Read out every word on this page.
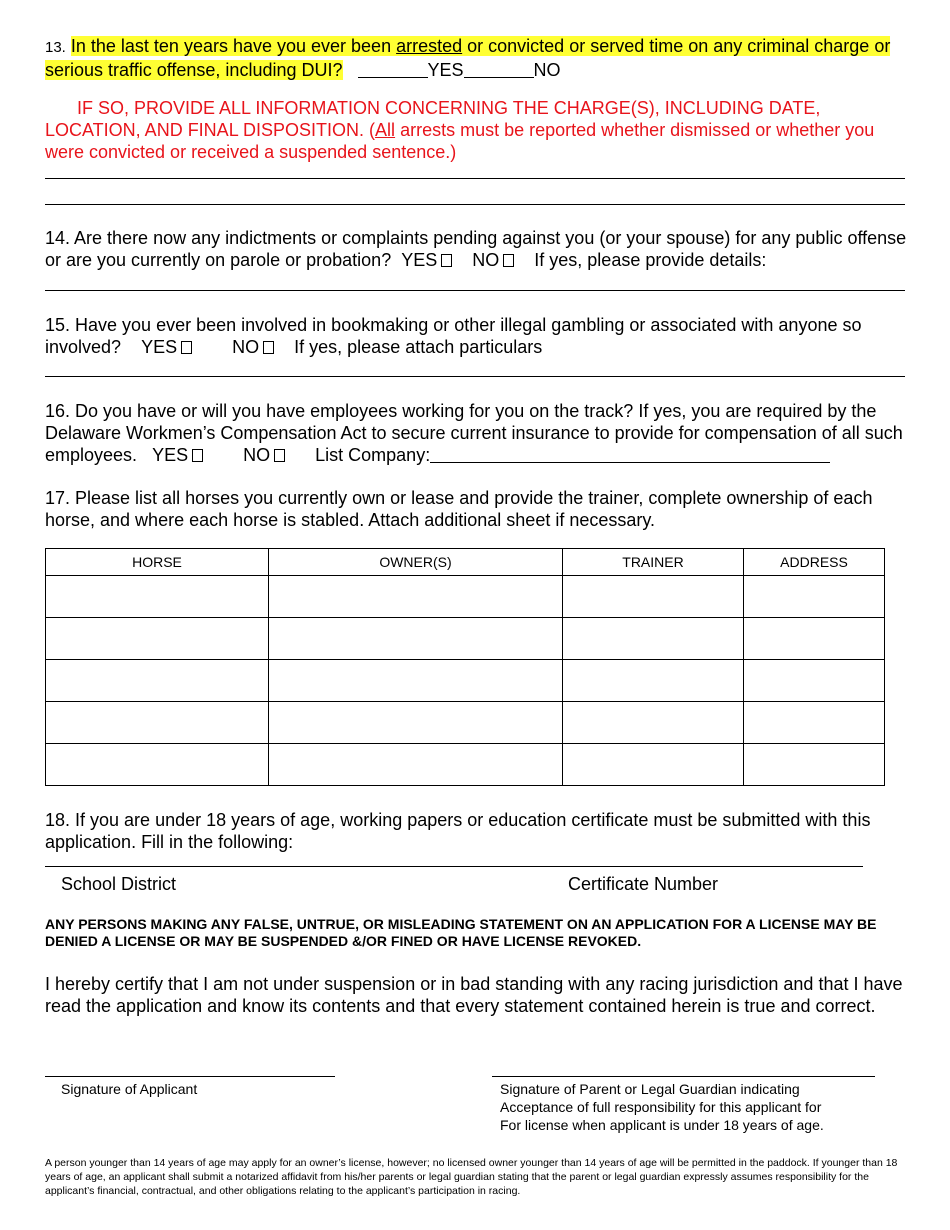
13. In the last ten years have you ever been arrested or convicted or served time on any criminal charge or serious traffic offense, including DUI?	YES	NO
IF SO, PROVIDE ALL INFORMATION CONCERNING THE CHARGE(S), INCLUDING DATE, LOCATION, AND FINAL DISPOSITION. (All arrests must be reported whether dismissed or whether you were convicted or received a suspended sentence.)
14. Are there now any indictments or complaints pending against you (or your spouse) for any public offense or are you currently on parole or probation? YES NO If yes, please provide details:
15. Have you ever been involved in bookmaking or other illegal gambling or associated with anyone so involved? YES	NO If yes, please attach particulars
16. Do you have or will you have employees working for you on the track? If yes, you are required by the Delaware Workmen’s Compensation Act to secure current insurance to provide for compensation of all such employees. YES	NO	List Company:
17. Please list all horses you currently own or lease and provide the trainer, complete ownership of each horse, and where each horse is stabled. Attach additional sheet if necessary.
HORSE	OWNER(S)	TRAINER	ADDRESS

18. If you are under 18 years of age, working papers or education certificate must be submitted with this application. Fill in the following:
School District	Certificate Number
ANY PERSONS MAKING ANY FALSE, UNTRUE, OR MISLEADING STATEMENT ON AN APPLICATION FOR A LICENSE MAY BE DENIED A LICENSE OR MAY BE SUSPENDED &/OR FINED OR HAVE LICENSE REVOKED.
I hereby certify that I am not under suspension or in bad standing with any racing jurisdiction and that I have read the application and know its contents and that every statement contained herein is true and correct.
Signature of Applicant	Signature of Parent or Legal Guardian indicating
Acceptance of full responsibility for this applicant for
For license when applicant is under 18 years of age.
A person younger than 14 years of age may apply for an owner’s license, however; no licensed owner younger than 14 years of age will be permitted in the paddock. If younger than 18 years of age, an applicant shall submit a notarized affidavit from his/her parents or legal guardian stating that the parent or legal guardian expressly assumes responsibility for the applicant’s financial, contractual, and other obligations relating to the applicant’s participation in racing.
